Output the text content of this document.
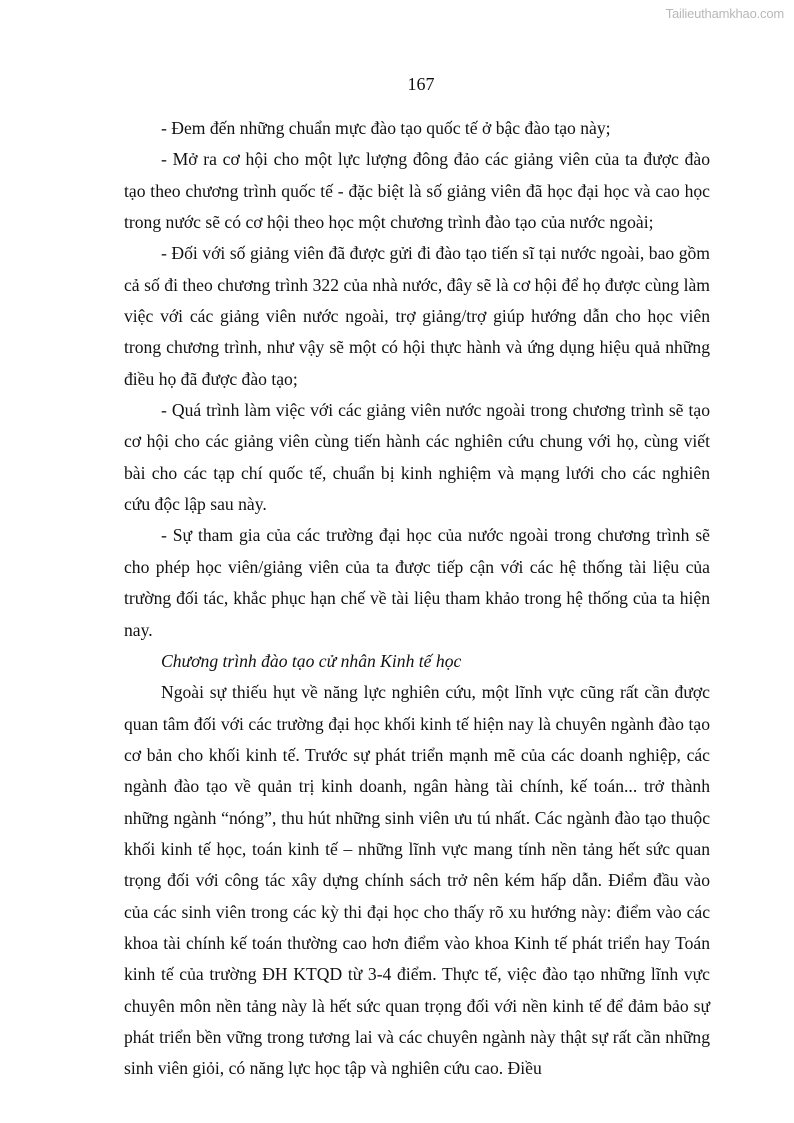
Tailieuthamkhao.com
167

- Đem đến những chuẩn mực đào tạo quốc tế ở bậc đào tạo này;

- Mở ra cơ hội cho một lực lượng đông đảo các giảng viên của ta được đào tạo theo chương trình quốc tế - đặc biệt là số giảng viên đã học đại học và cao học trong nước sẽ có cơ hội theo học một chương trình đào tạo của nước ngoài;

- Đối với số giảng viên đã được gửi đi đào tạo tiến sĩ tại nước ngoài, bao gồm cả số đi theo chương trình 322 của nhà nước, đây sẽ là cơ hội để họ được cùng làm việc với các giảng viên nước ngoài, trợ giảng/trợ giúp hướng dẫn cho học viên trong chương trình, như vậy sẽ một có hội thực hành và ứng dụng hiệu quả những điều họ đã được đào tạo;

- Quá trình làm việc với các giảng viên nước ngoài trong chương trình sẽ tạo cơ hội cho các giảng viên cùng tiến hành các nghiên cứu chung với họ, cùng viết bài cho các tạp chí quốc tế, chuẩn bị kinh nghiệm và mạng lưới cho các nghiên cứu độc lập sau này.

- Sự tham gia của các trường đại học của nước ngoài trong chương trình sẽ cho phép học viên/giảng viên của ta được tiếp cận với các hệ thống tài liệu của trường đối tác, khắc phục hạn chế về tài liệu tham khảo trong hệ thống của ta hiện nay.

Chương trình đào tạo cử nhân Kinh tế học

Ngoài sự thiếu hụt về năng lực nghiên cứu, một lĩnh vực cũng rất cần được quan tâm đối với các trường đại học khối kinh tế hiện nay là chuyên ngành đào tạo cơ bản cho khối kinh tế. Trước sự phát triển mạnh mẽ của các doanh nghiệp, các ngành đào tạo về quản trị kinh doanh, ngân hàng tài chính, kế toán... trở thành những ngành “nóng”, thu hút những sinh viên ưu tú nhất. Các ngành đào tạo thuộc khối kinh tế học, toán kinh tế – những lĩnh vực mang tính nền tảng hết sức quan trọng đối với công tác xây dựng chính sách trở nên kém hấp dẫn. Điểm đầu vào của các sinh viên trong các kỳ thi đại học cho thấy rõ xu hướng này: điểm vào các khoa tài chính kế toán thường cao hơn điểm vào khoa Kinh tế phát triển hay Toán kinh tế của trường ĐH KTQD từ 3-4 điểm. Thực tế, việc đào tạo những lĩnh vực chuyên môn nền tảng này là hết sức quan trọng đối với nền kinh tế để đảm bảo sự phát triển bền vững trong tương lai và các chuyên ngành này thật sự rất cần những sinh viên giỏi, có năng lực học tập và nghiên cứu cao. Điều
